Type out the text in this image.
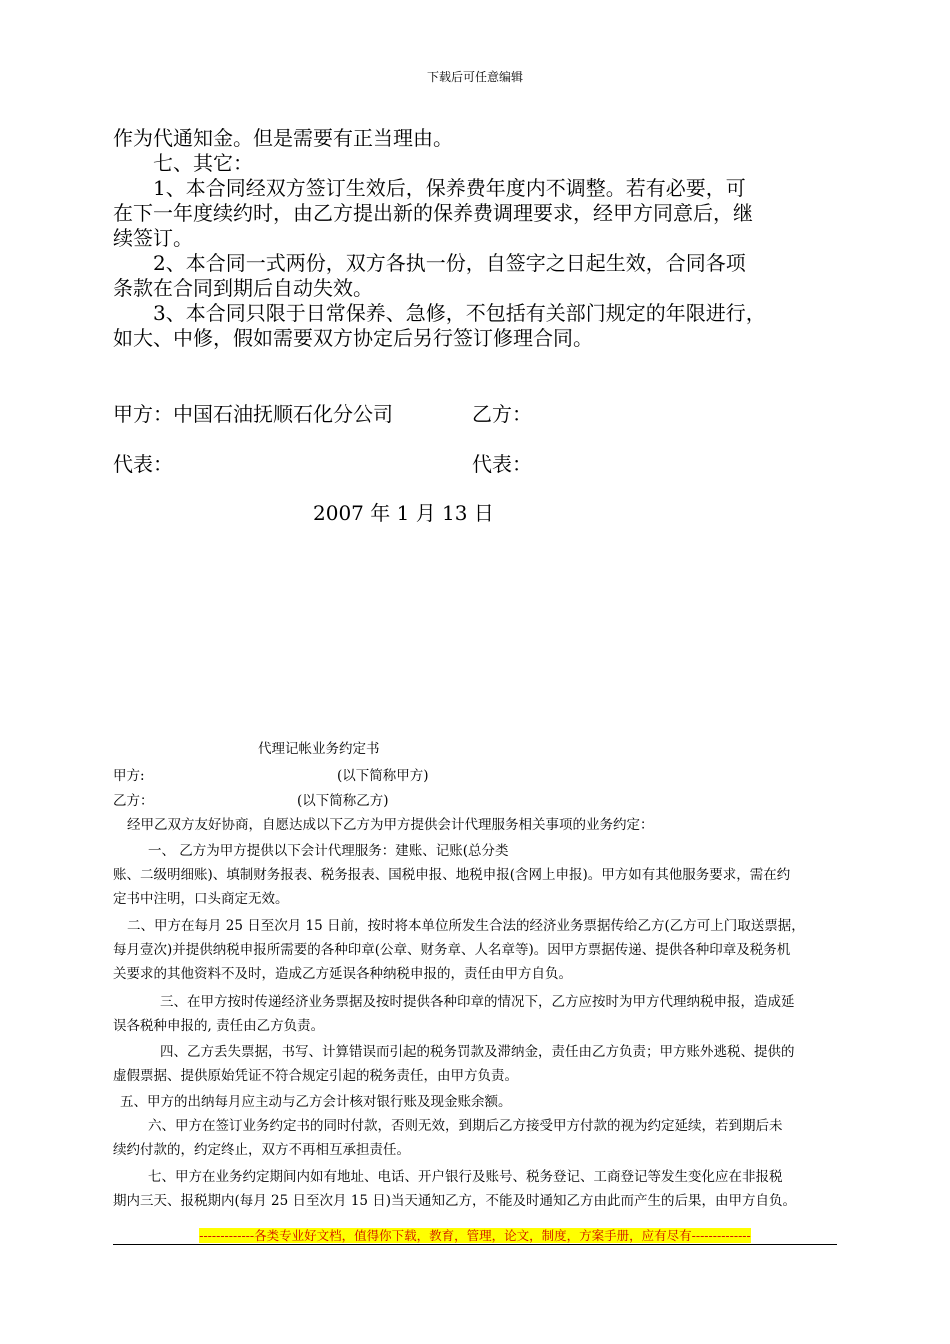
下载后可任意编辑
作为代通知金。但是需要有正当理由。
七、其它：
1、本合同经双方签订生效后，保养费年度内不调整。若有必要，可
在下一年度续约时，由乙方提出新的保养费调理要求，经甲方同意后，继
续签订。
2、本合同一式两份，双方各执一份，自签字之日起生效，合同各项
条款在合同到期后自动失效。
3、本合同只限于日常保养、急修，不包括有关部门规定的年限进行，
如大、中修，假如需要双方协定后另行签订修理合同。
甲方：中国石油抚顺石化分公司	乙方：
代表：	代表：
2007 年 1 月 13 日
代理记帐业务约定书
甲方:	(以下简称甲方)
乙方：	(以下简称乙方)
经甲乙双方友好协商，自愿达成以下乙方为甲方提供会计代理服务相关事项的业务约定：
一、 乙方为甲方提供以下会计代理服务：建账、记账(总分类
账、二级明细账)、填制财务报表、税务报表、国税申报、地税申报(含网上申报)。甲方如有其他服务要求，需在约
定书中注明，口头商定无效。
二、甲方在每月 25 日至次月 15 日前，按时将本单位所发生合法的经济业务票据传给乙方(乙方可上门取送票据，
每月壹次)并提供纳税申报所需要的各种印章(公章、财务章、人名章等)。因甲方票据传递、提供各种印章及税务机
关要求的其他资料不及时，造成乙方延误各种纳税申报的，责任由甲方自负。
三、在甲方按时传递经济业务票据及按时提供各种印章的情况下，乙方应按时为甲方代理纳税申报，造成延
误各税种申报的, 责任由乙方负责。
四、乙方丢失票据，书写、计算错误而引起的税务罚款及滞纳金，责任由乙方负责；甲方账外逃税、提供的
虚假票据、提供原始凭证不符合规定引起的税务责任，由甲方负责。
五、甲方的出纳每月应主动与乙方会计核对银行账及现金账余额。
六、甲方在签订业务约定书的同时付款，否则无效，到期后乙方接受甲方付款的视为约定延续，若到期后未
续约付款的，约定终止，双方不再相互承担责任。
七、甲方在业务约定期间内如有地址、电话、开户银行及账号、税务登记、工商登记等发生变化应在非报税
期内三天、报税期内(每月 25 日至次月 15 日)当天通知乙方，不能及时通知乙方由此而产生的后果，由甲方自负。
-------------各类专业好文档，值得你下载，教育，管理，论文，制度，方案手册，应有尽有--------------
